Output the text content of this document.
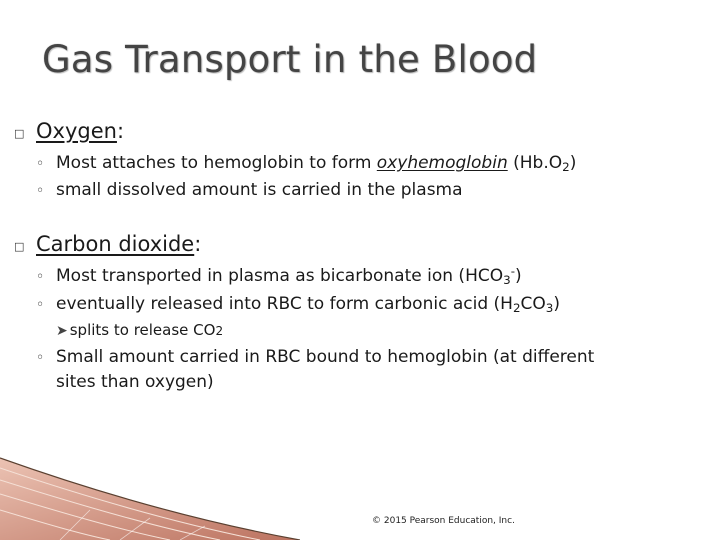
Gas Transport in the Blood
□ Oxygen:
◦ Most attaches to hemoglobin to form oxyhemoglobin $(Hb.O_2)$
◦ small dissolved amount is carried in the plasma
□ Carbon dioxide:
◦ Most transported in plasma as bicarbonate ion $(HCO_3^-)$
◦ eventually released into RBC to form carbonic acid $(H_2CO_3)$
➤ splits to release CO2
◦ Small amount carried in RBC bound to hemoglobin (at different
sites than oxygen)
© 2015 Pearson Education, Inc.
